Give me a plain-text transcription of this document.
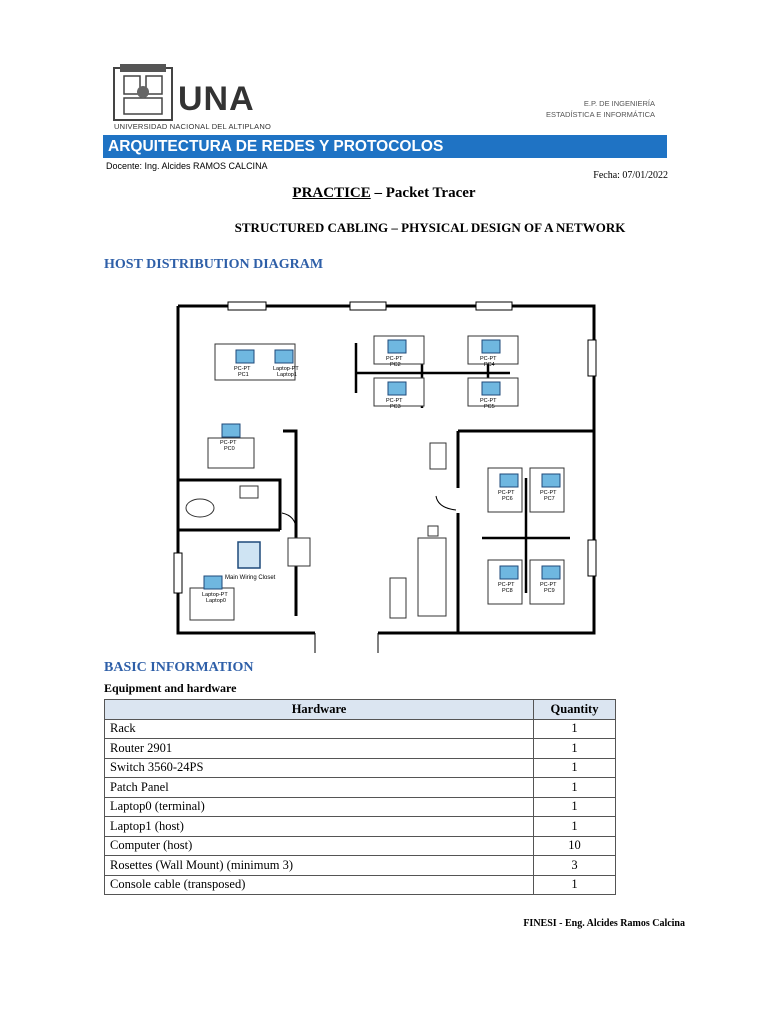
UNA
UNIVERSIDAD NACIONAL DEL ALTIPLANO
E.P. DE INGENIERÍA
ESTADÍSTICA E INFORMÁTICA
ARQUITECTURA DE REDES Y PROTOCOLOS
Docente: Ing. Alcides RAMOS CALCINA
Fecha: 07/01/2022
PRACTICE – Packet Tracer
STRUCTURED CABLING – PHYSICAL DESIGN OF A NETWORK
HOST DISTRIBUTION DIAGRAM
Main Wiring Closet
PC-PT
PC1
Laptop-PT
Laptop1
PC-PT
PC2
PC-PT
PC3
PC-PT
PC4
PC-PT
PC5
PC-PT
PC0
PC-PT
PC6
PC-PT
PC7
PC-PT
PC8
PC-PT
PC9
Laptop-PT
Laptop0
BASIC INFORMATION
Equipment and hardware
Hardware	Quantity
Rack	1
Router 2901	1
Switch 3560-24PS	1
Patch Panel	1
Laptop0 (terminal)	1
Laptop1 (host)	1
Computer (host)	10
Rosettes (Wall Mount) (minimum 3)	3
Console cable (transposed)	1
FINESI - Eng. Alcides Ramos Calcina
